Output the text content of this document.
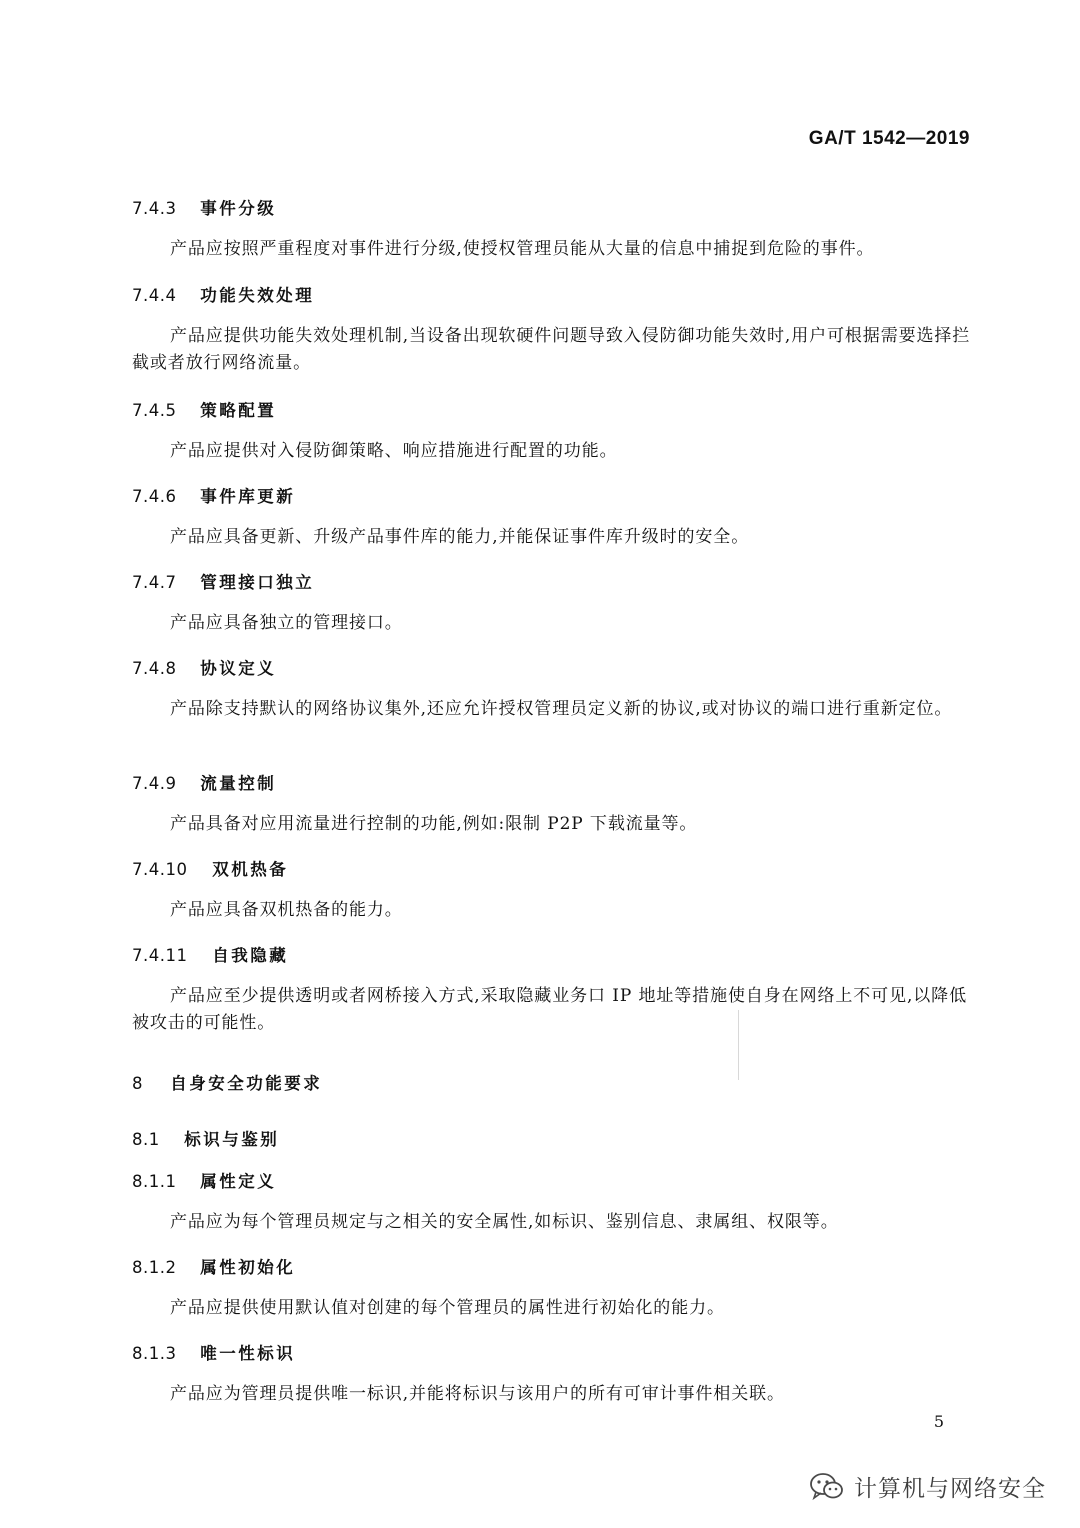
GA/T 1542—2019
7.4.3 事件分级

产品应按照严重程度对事件进行分级,使授权管理员能从大量的信息中捕捉到危险的事件。

7.4.4 功能失效处理

产品应提供功能失效处理机制,当设备出现软硬件问题导致入侵防御功能失效时,用户可根据需要选择拦截或者放行网络流量。

7.4.5 策略配置

产品应提供对入侵防御策略、响应措施进行配置的功能。

7.4.6 事件库更新

产品应具备更新、升级产品事件库的能力,并能保证事件库升级时的安全。

7.4.7 管理接口独立

产品应具备独立的管理接口。

7.4.8 协议定义

产品除支持默认的网络协议集外,还应允许授权管理员定义新的协议,或对协议的端口进行重新定位。

7.4.9 流量控制

产品具备对应用流量进行控制的功能,例如:限制 P2P 下载流量等。

7.4.10 双机热备

产品应具备双机热备的能力。

7.4.11 自我隐藏

产品应至少提供透明或者网桥接入方式,采取隐藏业务口 IP 地址等措施使自身在网络上不可见,以降低被攻击的可能性。

8 自身安全功能要求
8.1 标识与鉴别
8.1.1 属性定义

产品应为每个管理员规定与之相关的安全属性,如标识、鉴别信息、隶属组、权限等。

8.1.2 属性初始化

产品应提供使用默认值对创建的每个管理员的属性进行初始化的能力。

8.1.3 唯一性标识

产品应为管理员提供唯一标识,并能将标识与该用户的所有可审计事件相关联。

5
计算机与网络安全
